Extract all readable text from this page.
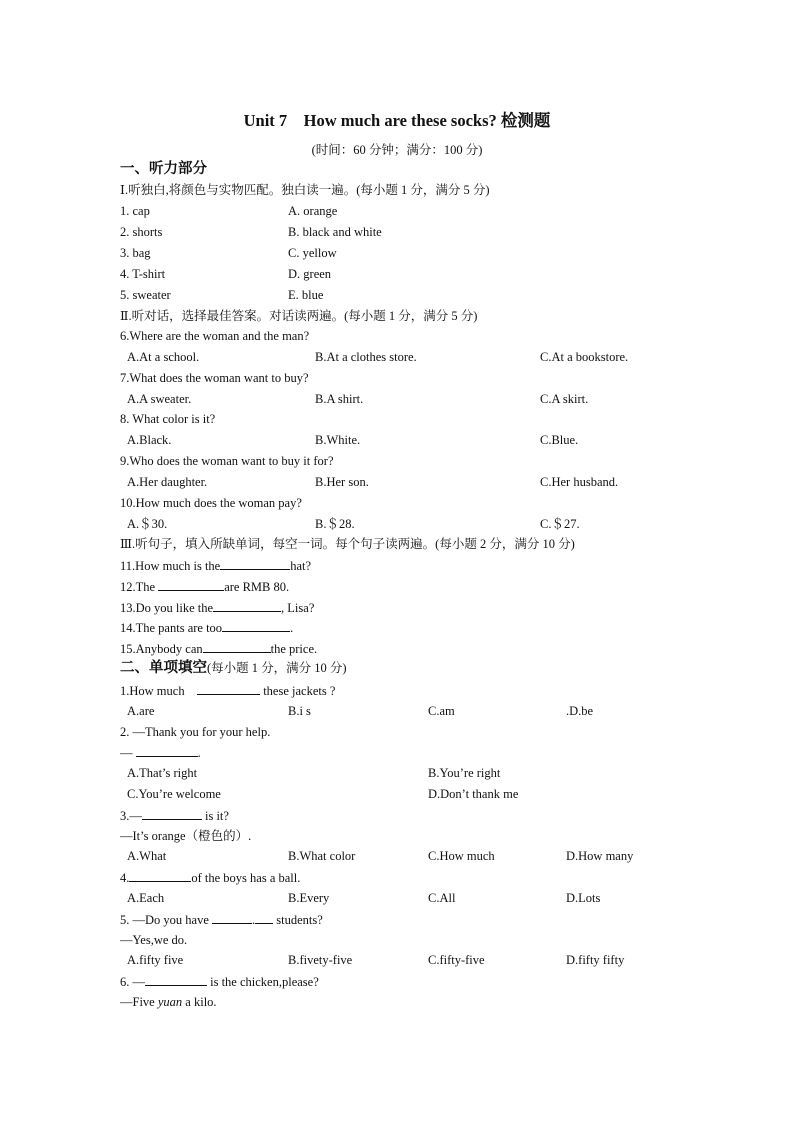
Unit 7    How much are these socks? 检测题
(时间：60 分钟；满分：100 分)
一、听力部分
Ⅰ.听独白,将颜色与实物匹配。独白读一遍。(每小题 1 分，满分 5 分)
1. cap	A. orange
2. shorts	B. black and white
3. bag	C. yellow
4. T-shirt	D. green
5. sweater	E. blue
Ⅱ.听对话，选择最佳答案。对话读两遍。(每小题 1 分，满分 5 分)
6.Where are the woman and the man?
A.At a school.	B.At a clothes store.	C.At a bookstore.
7.What does the woman want to buy?
A.A sweater.	B.A shirt.	C.A skirt.
8. What color is it?
A.Black.	B.White.	C.Blue.
9.Who does the woman want to buy it for?
A.Her daughter.	B.Her son.	C.Her husband.
10.How much does the woman pay?
A.＄30.	B.＄28.	C.＄27.
Ⅲ.听句子，填入所缺单词，每空一词。每个句子读两遍。(每小题 2 分，满分 10 分)
11.How much is the	hat?
12.The	are RMB 80.
13.Do you like the	, Lisa?
14.The pants are too	.
15.Anybody can	the price.
二、单项填空(每小题 1 分，满分 10 分)
1.How much	these jackets ?
A.are	B.i s	C.am	.D.be
2. —Thank you for your help.
—	.
A.That’s right	B.You’re right
C.You’re welcome	D.Don’t thank me
3.—	is it?
—It’s orange（橙色的）.
A.What	B.What color	C.How much	D.How many
4.	of the boys has a ball.
A.Each	B.Every	C.All	D.Lots
5. —Do you have	. students?
—Yes,we do.
A.fifty five	B.fivety-five	C.fifty-five	D.fifty fifty
6. —	is the chicken,please?
—Five yuan a kilo.
